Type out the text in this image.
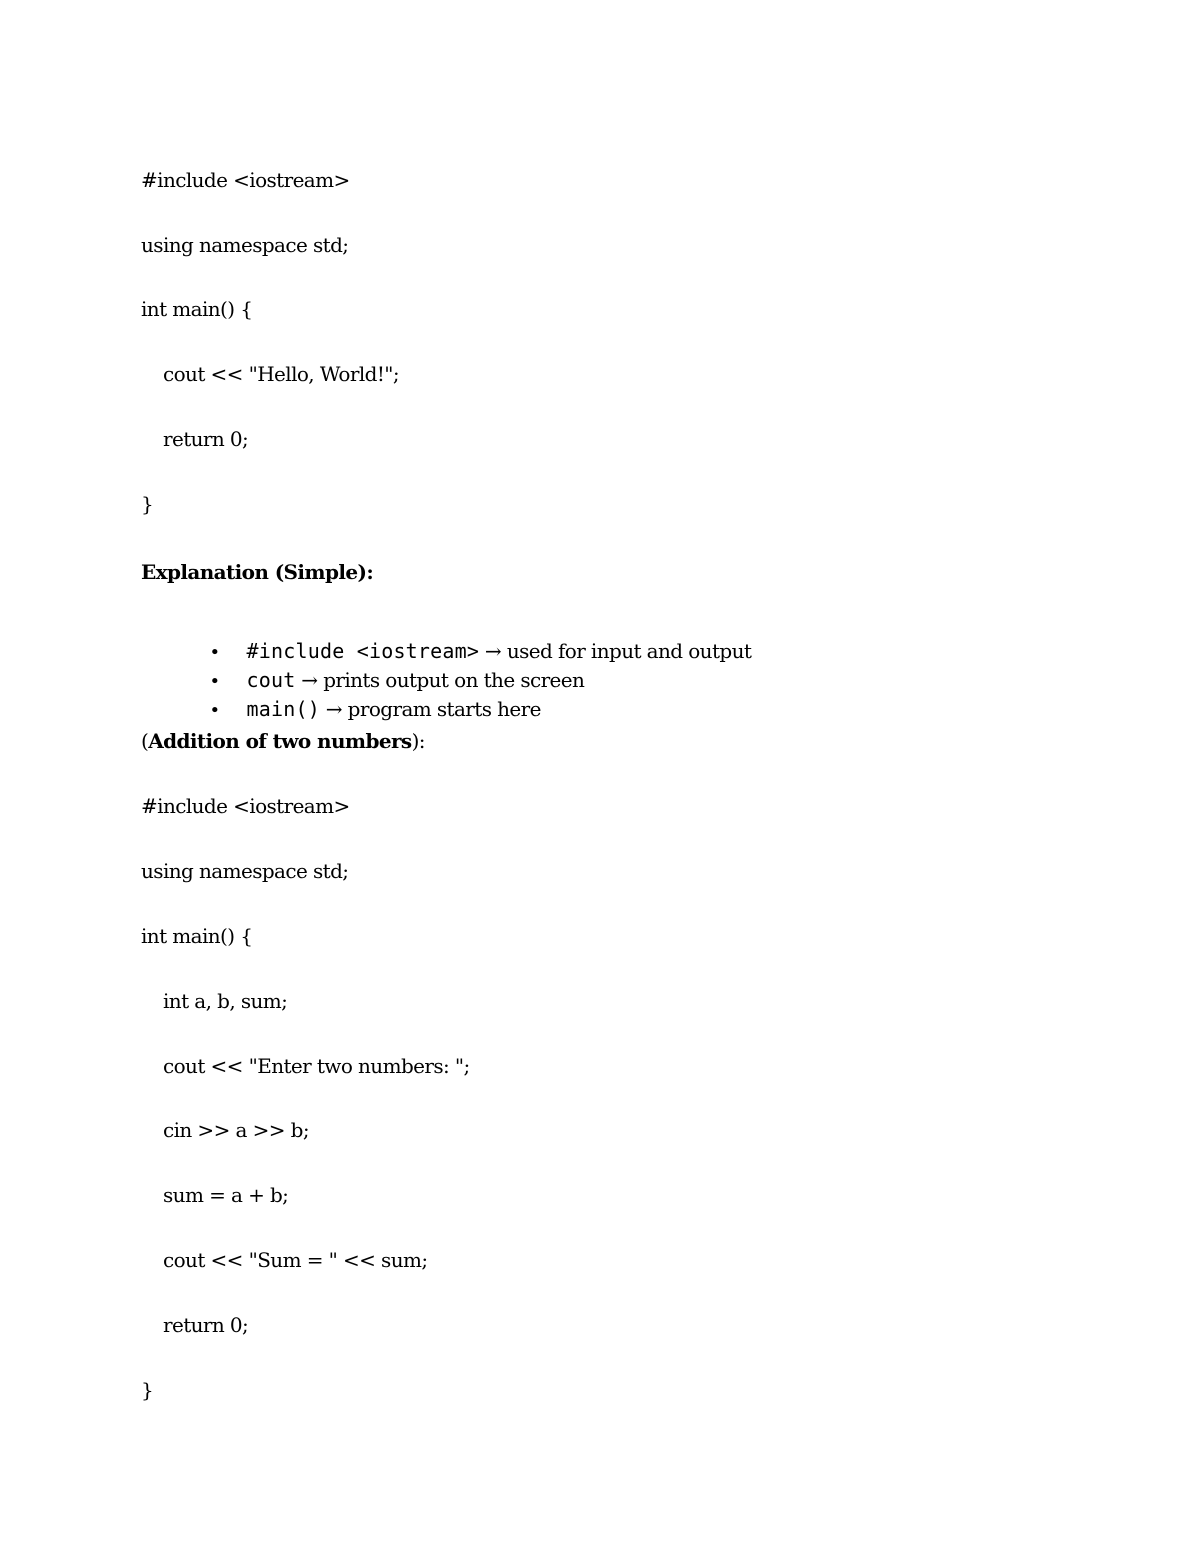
#include <iostream>
using namespace std;
int main() {
cout << "Hello, World!";
return 0;
}
Explanation (Simple):

• #include <iostream> → used for input and output

• cout → prints output on the screen

• main() → program starts here

(Addition of two numbers):
#include <iostream>
using namespace std;
int main() {
int a, b, sum;
cout << "Enter two numbers: ";
cin >> a >> b;
sum = a + b;
cout << "Sum = " << sum;
return 0;
}
